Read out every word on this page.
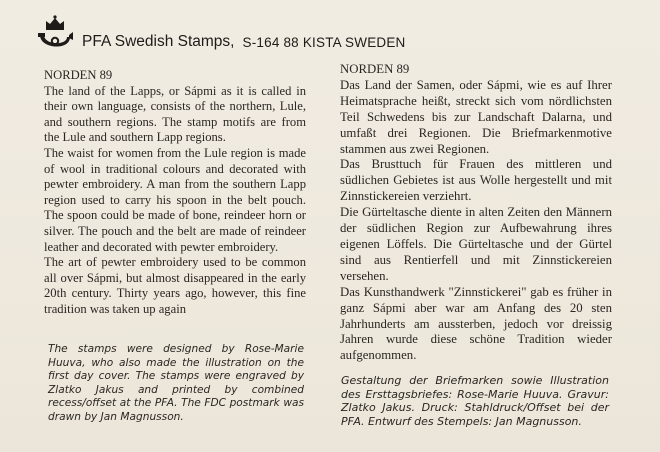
PFA Swedish Stamps, S-164 88 KISTA SWEDEN

NORDEN 89

The land of the Lapps, or Sápmi as it is called in their own language, consists of the northern, Lule, and southern regions. The stamp motifs are from the Lule and southern Lapp regions.

The waist for women from the Lule region is made of wool in traditional colours and decorated with pewter embroidery. A man from the southern Lapp region used to carry his spoon in the belt pouch. The spoon could be made of bone, reindeer horn or silver. The pouch and the belt are made of reindeer leather and decorated with pewter embroidery.

The art of pewter embroidery used to be common all over Sápmi, but almost disappeared in the early 20th century. Thirty years ago, however, this fine tradition was taken up again

The stamps were designed by Rose-Marie Huuva, who also made the illustration on the first day cover. The stamps were engraved by Zlatko Jakus and printed by combined recess/offset at the PFA. The FDC postmark was drawn by Jan Magnusson.

NORDEN 89

Das Land der Samen, oder Sápmi, wie es auf Ihrer Heimatsprache heißt, streckt sich vom nördlichsten Teil Schwedens bis zur Landschaft Dalarna, und umfaßt drei Regionen. Die Briefmarkenmotive stammen aus zwei Regionen.

Das Brusttuch für Frauen des mittleren und südlichen Gebietes ist aus Wolle hergestellt und mit Zinnstickereien verziehrt.

Die Gürteltasche diente in alten Zeiten den Männern der südlichen Region zur Aufbewahrung ihres eigenen Löffels. Die Gürteltasche und der Gürtel sind aus Rentierfell und mit Zinnstickereien versehen.

Das Kunsthandwerk "Zinnstickerei" gab es früher in ganz Sápmi aber war am Anfang des 20 sten Jahrhunderts am aussterben, jedoch vor dreissig Jahren wurde diese schöne Tradition wieder aufgenommen.

Gestaltung der Briefmarken sowie Illustration des Ersttagsbriefes: Rose-Marie Huuva. Gravur: Zlatko Jakus. Druck: Stahldruck/Offset bei der PFA. Entwurf des Stempels: Jan Magnusson.
